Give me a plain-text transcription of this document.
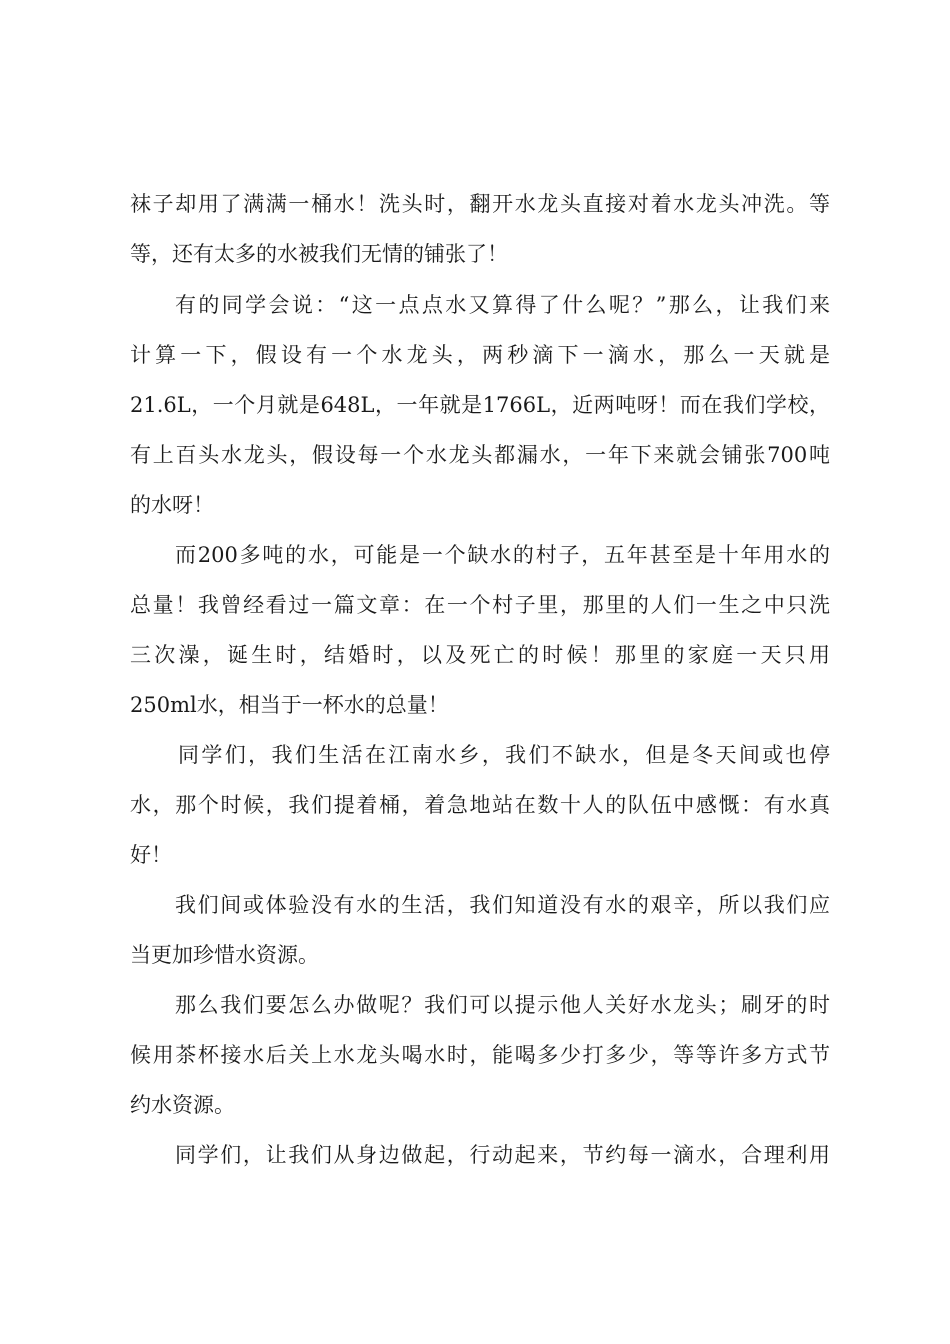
袜子却用了满满一桶水！洗头时，翻开水龙头直接对着水龙头冲洗。等
等，还有太多的水被我们无情的铺张了！
有的同学会说：“这一点点水又算得了什么呢？”那么，让我们来
计算一下，假设有一个水龙头，两秒滴下一滴水，那么一天就是
21.6L，一个月就是648L，一年就是1766L，近两吨呀！而在我们学校，
有上百头水龙头，假设每一个水龙头都漏水，一年下来就会铺张700吨
的水呀！
而200多吨的水，可能是一个缺水的村子，五年甚至是十年用水的
总量！我曾经看过一篇文章：在一个村子里，那里的人们一生之中只洗
三次澡，诞生时，结婚时，以及死亡的时候！那里的家庭一天只用
250ml水，相当于一杯水的总量！
同学们，我们生活在江南水乡，我们不缺水，但是冬天间或也停
水，那个时候，我们提着桶，着急地站在数十人的队伍中感慨：有水真
好！
我们间或体验没有水的生活，我们知道没有水的艰辛，所以我们应
当更加珍惜水资源。
那么我们要怎么办做呢？我们可以提示他人关好水龙头；刷牙的时
候用茶杯接水后关上水龙头喝水时，能喝多少打多少，等等许多方式节
约水资源。
同学们，让我们从身边做起，行动起来，节约每一滴水，合理利用
